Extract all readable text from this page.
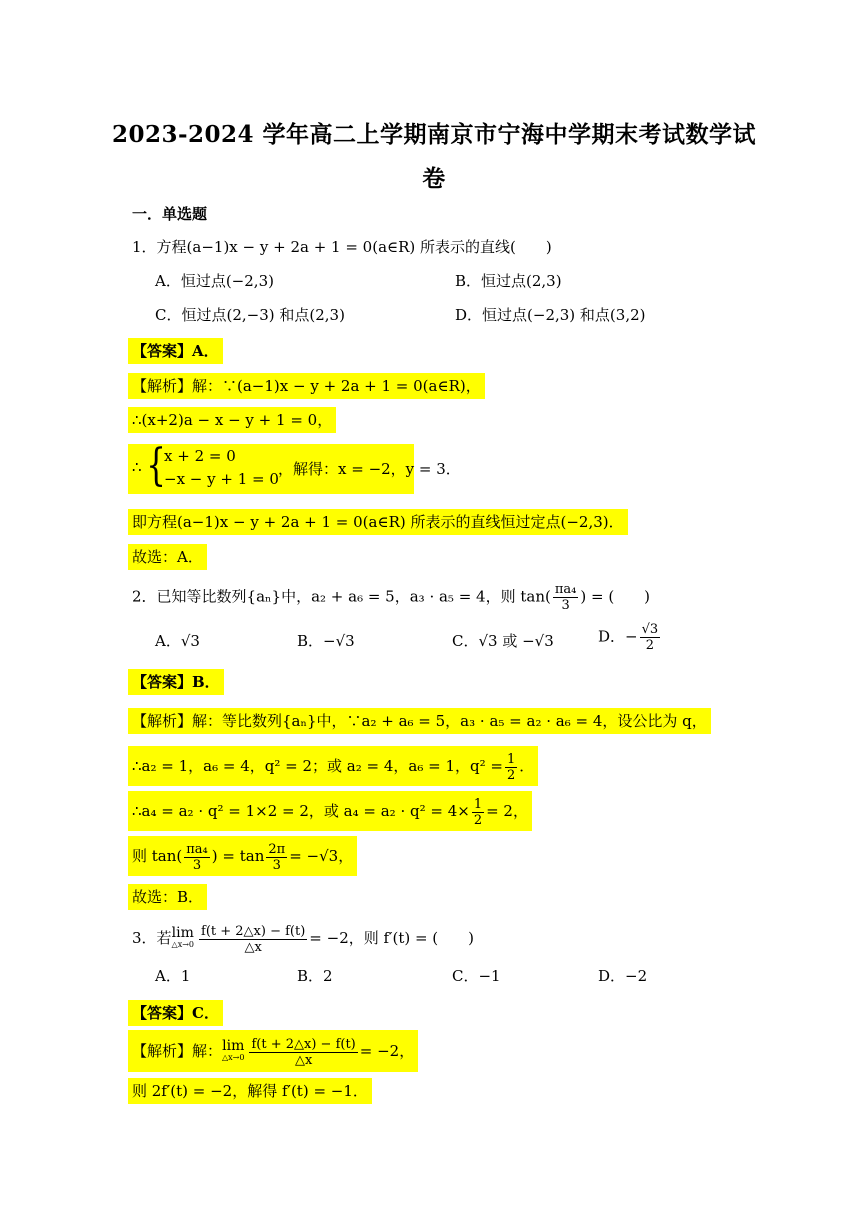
2023-2024 学年高二上学期南京市宁海中学期末考试数学试
卷
一．单选题
1．方程(a−1)x − y + 2a + 1 = 0(a∈R) 所表示的直线(　　)
A．恒过点(−2,3)	B．恒过点(2,3)
C．恒过点(2,−3) 和点(2,3)	D．恒过点(−2,3) 和点(3,2)
【答案】A．
【解析】解：∵(a−1)x − y + 2a + 1 = 0(a∈R)，
∴(x+2)a − x − y + 1 = 0，
∴ {
x + 2 = 0
−x − y + 1 = 0
，解得：x = −2，y = 3．
即方程(a−1)x − y + 2a + 1 = 0(a∈R) 所表示的直线恒过定点(−2,3)．
故选：A．
2．已知等比数列{aₙ}中，a₂ + a₆ = 5，a₃ · a₅ = 4，则 $\tan( \frac{\text{πa₄}}{3}$ ) = (　　)
A．√3	B．−√3	C．√3 或 −√3	D．− $\frac{√3}{2}$
【答案】B．
【解析】解：等比数列{aₙ}中，∵a₂ + a₆ = 5，a₃ · a₅ = a₂ · a₆ = 4，设公比为 q，
∴a₂ = 1，a₆ = 4，q² = 2；或 a₂ = 4，a₆ = 1，$q^2 = \frac{1}{2}$ ．
∴a₄ = a₂ · q² = 1×2 = 2，或 $a_4 = a_2 \cdot q^2 = 4\times \frac{1}{2} = 2$，
则 $\tan( \frac{\text{πa₄}}{3}$ ) = $\tan \frac{2\pi}{3} = -√3$，
故选：B．
3．若 lim
△x→0 $\frac{f(t + 2\triangle x) - f(t)}{\triangle x} = -2$，则 f′(t) = (　　)
A．1	B．2	C．−1	D．−2
【答案】C．
【解析】解： lim
△x→0 $\frac{f(t + 2\triangle x) - f(t)}{\triangle x} = -2$，
则 2f′(t) = −2，解得 f′(t) = −1．
